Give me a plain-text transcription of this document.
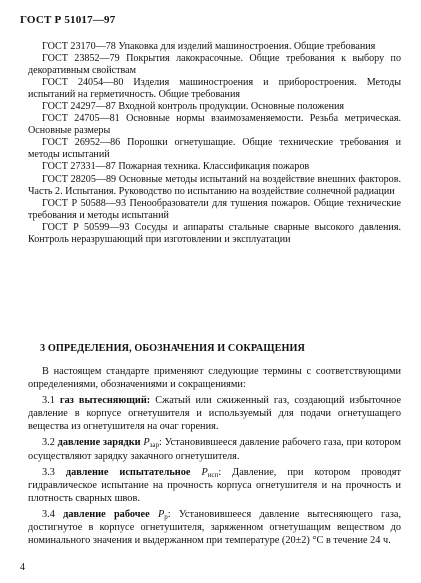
ГОСТ Р 51017—97

ГОСТ 23170—78 Упаковка для изделий машиностроения. Общие требования

ГОСТ 23852—79 Покрытия лакокрасочные. Общие требования к выбору по декоративным свойствам

ГОСТ 24054—80 Изделия машиностроения и приборостроения. Методы испытаний на герметичность. Общие требования

ГОСТ 24297—87 Входной контроль продукции. Основные положения

ГОСТ 24705—81 Основные нормы взаимозаменяемости. Резьба метрическая. Основные размеры

ГОСТ 26952—86 Порошки огнетушащие. Общие технические требования и методы испытаний

ГОСТ 27331—87 Пожарная техника. Классификация пожаров

ГОСТ 28205—89 Основные методы испытаний на воздействие внешних факторов. Часть 2. Испытания. Руководство по испытанию на воздействие солнечной радиации

ГОСТ Р 50588—93 Пенообразователи для тушения пожаров. Общие технические требования и методы испытаний

ГОСТ Р 50599—93 Сосуды и аппараты стальные сварные высокого давления. Контроль неразрушающий при изготовлении и эксплуатации

3 ОПРЕДЕЛЕНИЯ, ОБОЗНАЧЕНИЯ И СОКРАЩЕНИЯ

В настоящем стандарте применяют следующие термины с соответствующими определениями, обозначениями и сокращениями:

3.1 газ вытесняющий: Сжатый или сжиженный газ, создающий избыточное давление в корпусе огнетушителя и используемый для подачи огнетушащего вещества из огнетушителя на очаг горения.

3.2 давление зарядки $P_{зар}$: Установившееся давление рабочего газа, при котором осуществляют зарядку закачного огнетушителя.

3.3 давление испытательное $P_{исп}$: Давление, при котором проводят гидравлическое испытание на прочность корпуса огнетушителя и на прочность и плотность сварных швов.

3.4 давление рабочее $P_р$: Установившееся давление вытесняющего газа, достигнутое в корпусе огнетушителя, заряженном огнетушащим веществом до номинального значения и выдержанном при температуре (20±2) °С в течение 24 ч.

4
